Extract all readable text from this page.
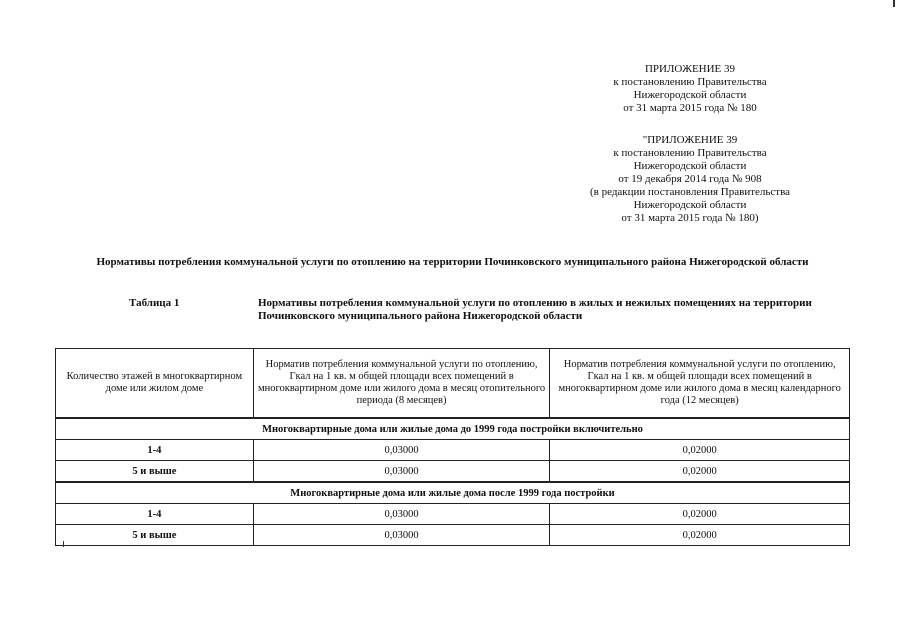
ПРИЛОЖЕНИЕ 39
к постановлению Правительства
Нижегородской области
от 31 марта 2015 года № 180
"ПРИЛОЖЕНИЕ 39
к постановлению Правительства
Нижегородской области
от 19 декабря 2014 года № 908
(в редакции постановления Правительства
Нижегородской области
от 31 марта 2015 года № 180)
Нормативы потребления коммунальной услуги по отоплению на территории Починковского муниципального района Нижегородской области
Таблица 1	Нормативы потребления коммунальной услуги по отоплению в жилых и нежилых помещениях на территории Починковского муниципального района Нижегородской области
Количество этажей в многоквартирном доме или жилом доме	Норматив потребления коммунальной услуги по отоплению, Гкал на 1 кв. м общей площади всех помещений в многоквартирном доме или жилого дома в месяц отопительного периода (8 месяцев)	Норматив потребления коммунальной услуги по отоплению, Гкал на 1 кв. м общей площади всех помещений в многоквартирном доме или жилого дома в месяц календарного года (12 месяцев)
Многоквартирные дома или жилые дома до 1999 года постройки включительно		
1-4	0,03000	0,02000
5 и выше	0,03000	0,02000
Многоквартирные дома или жилые дома после 1999 года постройки		
1-4	0,03000	0,02000
5 и выше	0,03000	0,02000
